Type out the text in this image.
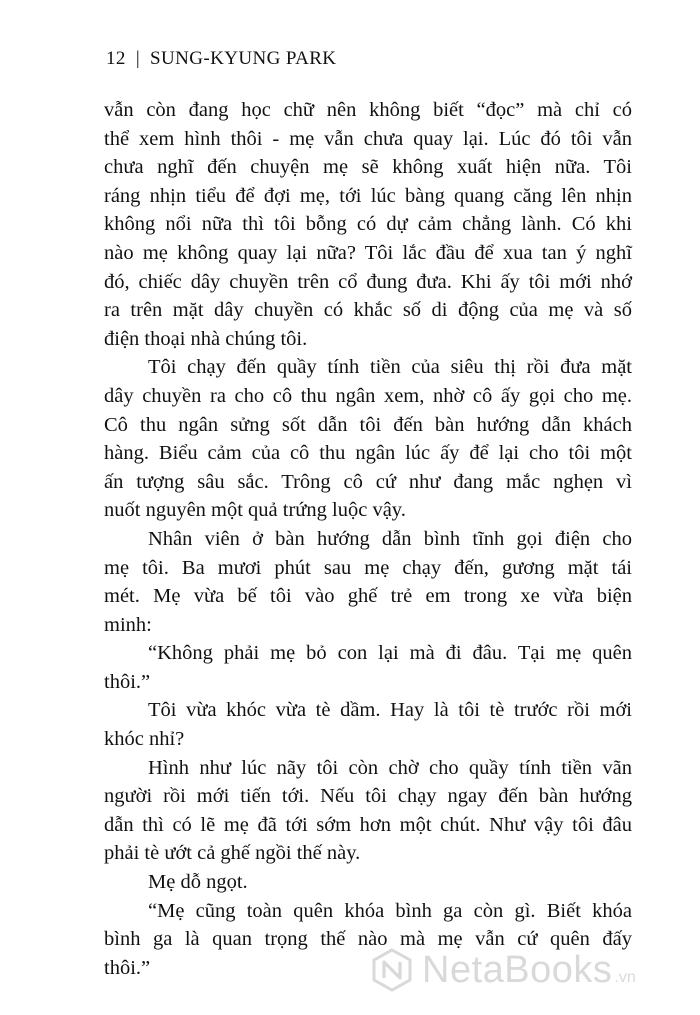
12 | SUNG-KYUNG PARK
vẫn còn đang học chữ nên không biết “đọc” mà chỉ có
thể xem hình thôi - mẹ vẫn chưa quay lại. Lúc đó tôi vẫn
chưa nghĩ đến chuyện mẹ sẽ không xuất hiện nữa. Tôi
ráng nhịn tiểu để đợi mẹ, tới lúc bàng quang căng lên nhịn
không nổi nữa thì tôi bỗng có dự cảm chẳng lành. Có khi
nào mẹ không quay lại nữa? Tôi lắc đầu để xua tan ý nghĩ
đó, chiếc dây chuyền trên cổ đung đưa. Khi ấy tôi mới nhớ
ra trên mặt dây chuyền có khắc số di động của mẹ và số
điện thoại nhà chúng tôi.
Tôi chạy đến quầy tính tiền của siêu thị rồi đưa mặt
dây chuyền ra cho cô thu ngân xem, nhờ cô ấy gọi cho mẹ.
Cô thu ngân sửng sốt dẫn tôi đến bàn hướng dẫn khách
hàng. Biểu cảm của cô thu ngân lúc ấy để lại cho tôi một
ấn tượng sâu sắc. Trông cô cứ như đang mắc nghẹn vì
nuốt nguyên một quả trứng luộc vậy.
Nhân viên ở bàn hướng dẫn bình tĩnh gọi điện cho
mẹ tôi. Ba mươi phút sau mẹ chạy đến, gương mặt tái
mét. Mẹ vừa bế tôi vào ghế trẻ em trong xe vừa biện
minh:
“Không phải mẹ bỏ con lại mà đi đâu. Tại mẹ quên
thôi.”
Tôi vừa khóc vừa tè dầm. Hay là tôi tè trước rồi mới
khóc nhỉ?
Hình như lúc nãy tôi còn chờ cho quầy tính tiền vãn
người rồi mới tiến tới. Nếu tôi chạy ngay đến bàn hướng
dẫn thì có lẽ mẹ đã tới sớm hơn một chút. Như vậy tôi đâu
phải tè ướt cả ghế ngồi thế này.
Mẹ dỗ ngọt.
“Mẹ cũng toàn quên khóa bình ga còn gì. Biết khóa
bình ga là quan trọng thế nào mà mẹ vẫn cứ quên đấy
thôi.”	NetaBooks .vn
